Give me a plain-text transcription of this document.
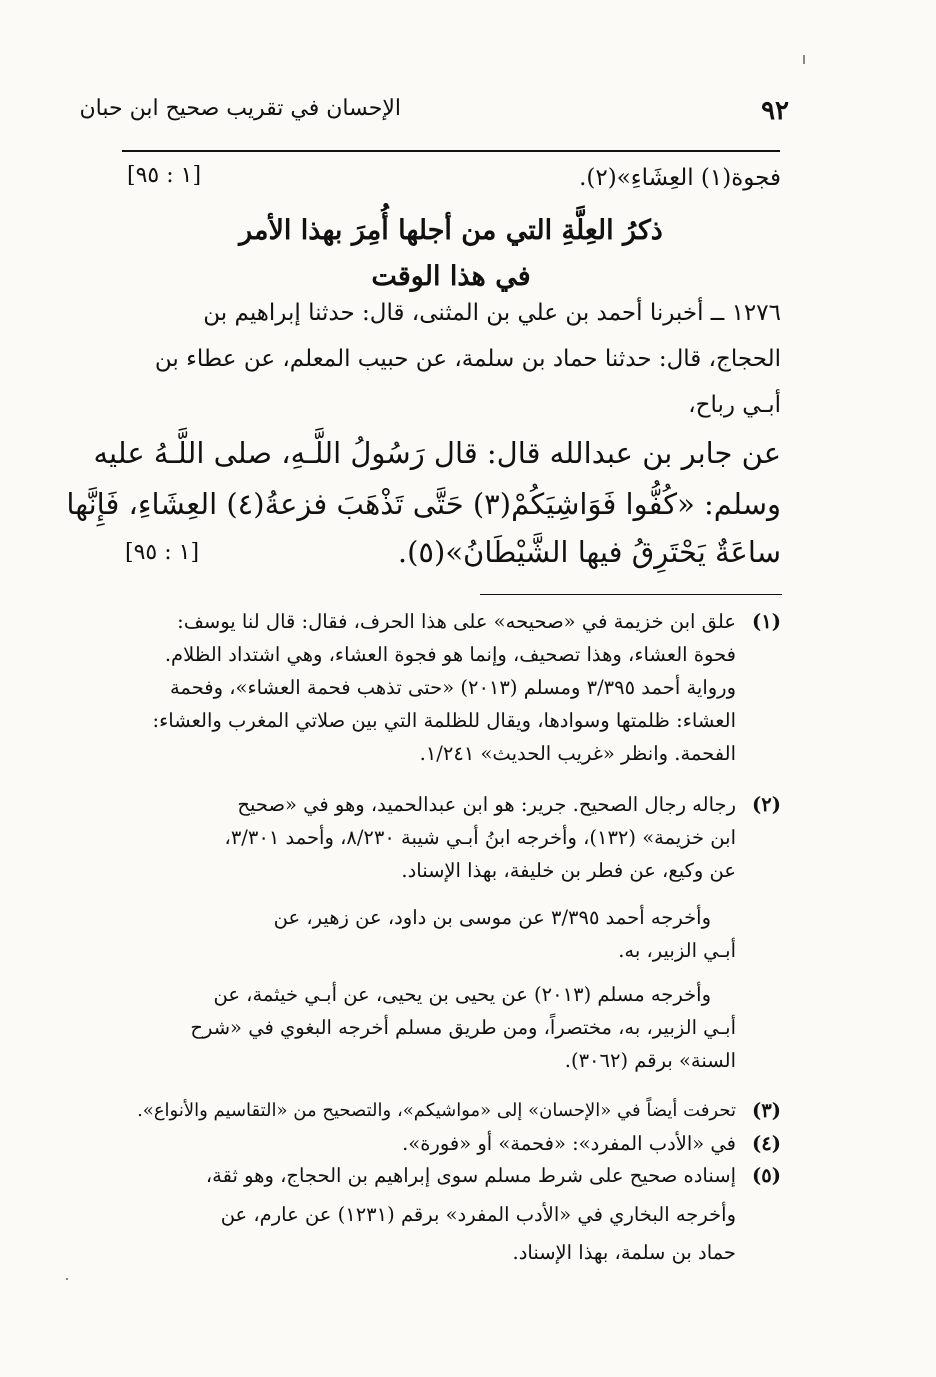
الإحسان في تقريب صحيح ابن حبان	٩٢
فجوة(١) العِشَاءِ»(٢).
[١ : ٩٥]
ذكرُ العِلَّةِ التي من أجلها أُمِرَ بهذا الأمر
في هذا الوقت
١٢٧٦ ــ أخبرنا أحمد بن علي بن المثنى، قال: حدثنا إبراهيم بن
الحجاج، قال: حدثنا حماد بن سلمة، عن حبيب المعلم، عن عطاء بن
أبـي رباح،
عن جابر بن عبدالله قال: قال رَسُولُ اللَّـهِ، صلى اللَّـهُ عليه
وسلم: «كُفُّوا فَوَاشِيَكُمْ(٣) حَتَّى تَذْهَبَ فزعةُ(٤) العِشَاءِ، فَإِنَّها
ساعَةٌ يَحْتَرِقُ فيها الشَّيْطَانُ»(٥).
[١ : ٩٥]
(١)
علق ابن خزيمة في «صحيحه» على هذا الحرف، فقال: قال لنا يوسف:
فحوة العشاء، وهذا تصحيف، وإنما هو فجوة العشاء، وهي اشتداد الظلام.
ورواية أحمد ٣/٣٩٥ ومسلم (٢٠١٣) «حتى تذهب فحمة العشاء»، وفحمة
العشاء: ظلمتها وسوادها، ويقال للظلمة التي بين صلاتي المغرب والعشاء:
الفحمة. وانظر «غريب الحديث» ١/٢٤١.
(٢)
رجاله رجال الصحيح. جرير: هو ابن عبدالحميد، وهو في «صحيح
ابن خزيمة» (١٣٢)، وأخرجه ابنُ أبـي شيبة ٨/٢٣٠، وأحمد ٣/٣٠١،
عن وكيع، عن فطر بن خليفة، بهذا الإسناد.
وأخرجه أحمد ٣/٣٩٥ عن موسى بن داود، عن زهير، عن
أبـي الزبير، به.
وأخرجه مسلم (٢٠١٣) عن يحيى بن يحيى، عن أبـي خيثمة، عن
أبـي الزبير، به، مختصراً، ومن طريق مسلم أخرجه البغوي في «شرح
السنة» برقم (٣٠٦٢).
(٣)
تحرفت أيضاً في «الإحسان» إلى «مواشيكم»، والتصحيح من «التقاسيم والأنواع».
(٤)
في «الأدب المفرد»: «فحمة» أو «فورة».
(٥)
إسناده صحيح على شرط مسلم سوى إبراهيم بن الحجاج، وهو ثقة،
وأخرجه البخاري في «الأدب المفرد» برقم (١٢٣١) عن عارم، عن
حماد بن سلمة، بهذا الإسناد.
